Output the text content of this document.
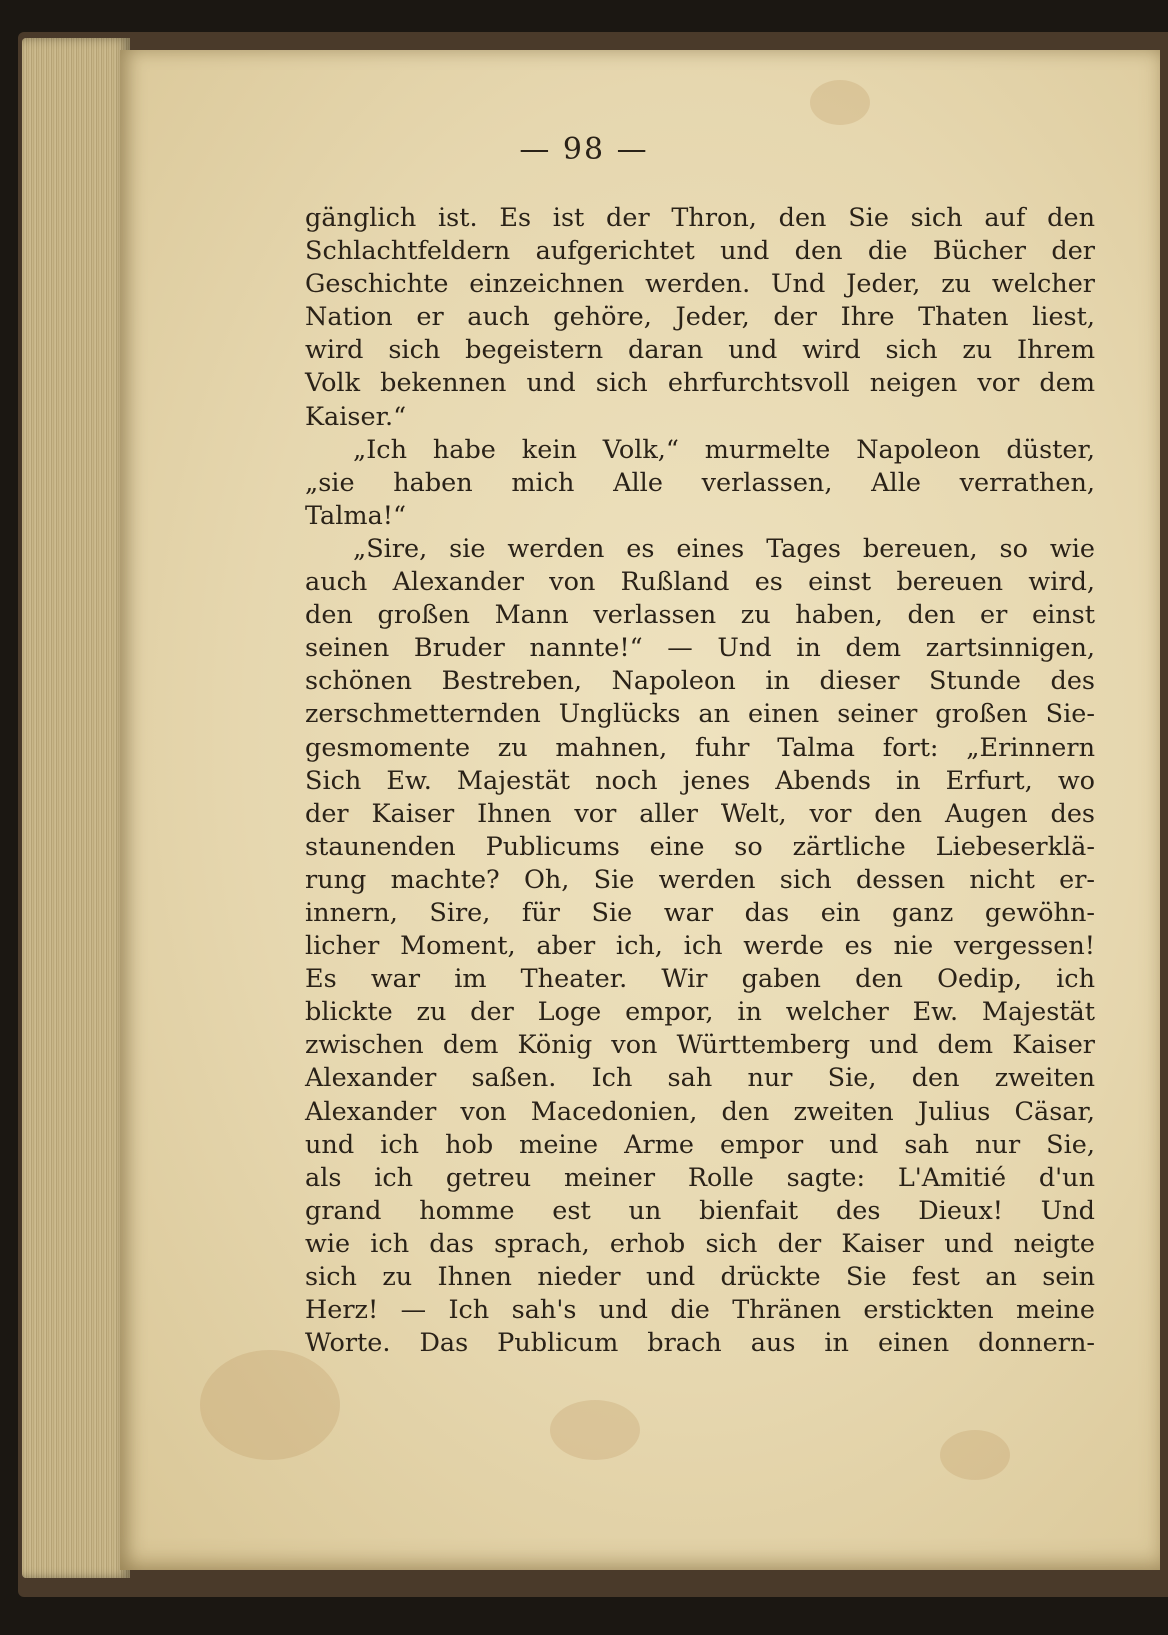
— 98 —
gänglich ist. Es ist der Thron, den Sie sich auf den
Schlachtfeldern aufgerichtet und den die Bücher der
Geschichte einzeichnen werden. Und Jeder, zu welcher
Nation er auch gehöre, Jeder, der Ihre Thaten liest,
wird sich begeistern daran und wird sich zu Ihrem
Volk bekennen und sich ehrfurchtsvoll neigen vor dem
Kaiser.“
„Ich habe kein Volk,“ murmelte Napoleon düster,
„sie haben mich Alle verlassen, Alle verrathen,
Talma!“
„Sire, sie werden es eines Tages bereuen, so wie
auch Alexander von Rußland es einst bereuen wird,
den großen Mann verlassen zu haben, den er einst
seinen Bruder nannte!“ — Und in dem zartsinnigen,
schönen Bestreben, Napoleon in dieser Stunde des
zerschmetternden Unglücks an einen seiner großen Sie-
gesmomente zu mahnen, fuhr Talma fort: „Erinnern
Sich Ew. Majestät noch jenes Abends in Erfurt, wo
der Kaiser Ihnen vor aller Welt, vor den Augen des
staunenden Publicums eine so zärtliche Liebeserklä-
rung machte? Oh, Sie werden sich dessen nicht er-
innern, Sire, für Sie war das ein ganz gewöhn-
licher Moment, aber ich, ich werde es nie vergessen!
Es war im Theater. Wir gaben den Oedip, ich
blickte zu der Loge empor, in welcher Ew. Majestät
zwischen dem König von Württemberg und dem Kaiser
Alexander saßen. Ich sah nur Sie, den zweiten
Alexander von Macedonien, den zweiten Julius Cäsar,
und ich hob meine Arme empor und sah nur Sie,
als ich getreu meiner Rolle sagte: L'Amitié d'un
grand homme est un bienfait des Dieux! Und
wie ich das sprach, erhob sich der Kaiser und neigte
sich zu Ihnen nieder und drückte Sie fest an sein
Herz! — Ich sah's und die Thränen erstickten meine
Worte. Das Publicum brach aus in einen donnern-
